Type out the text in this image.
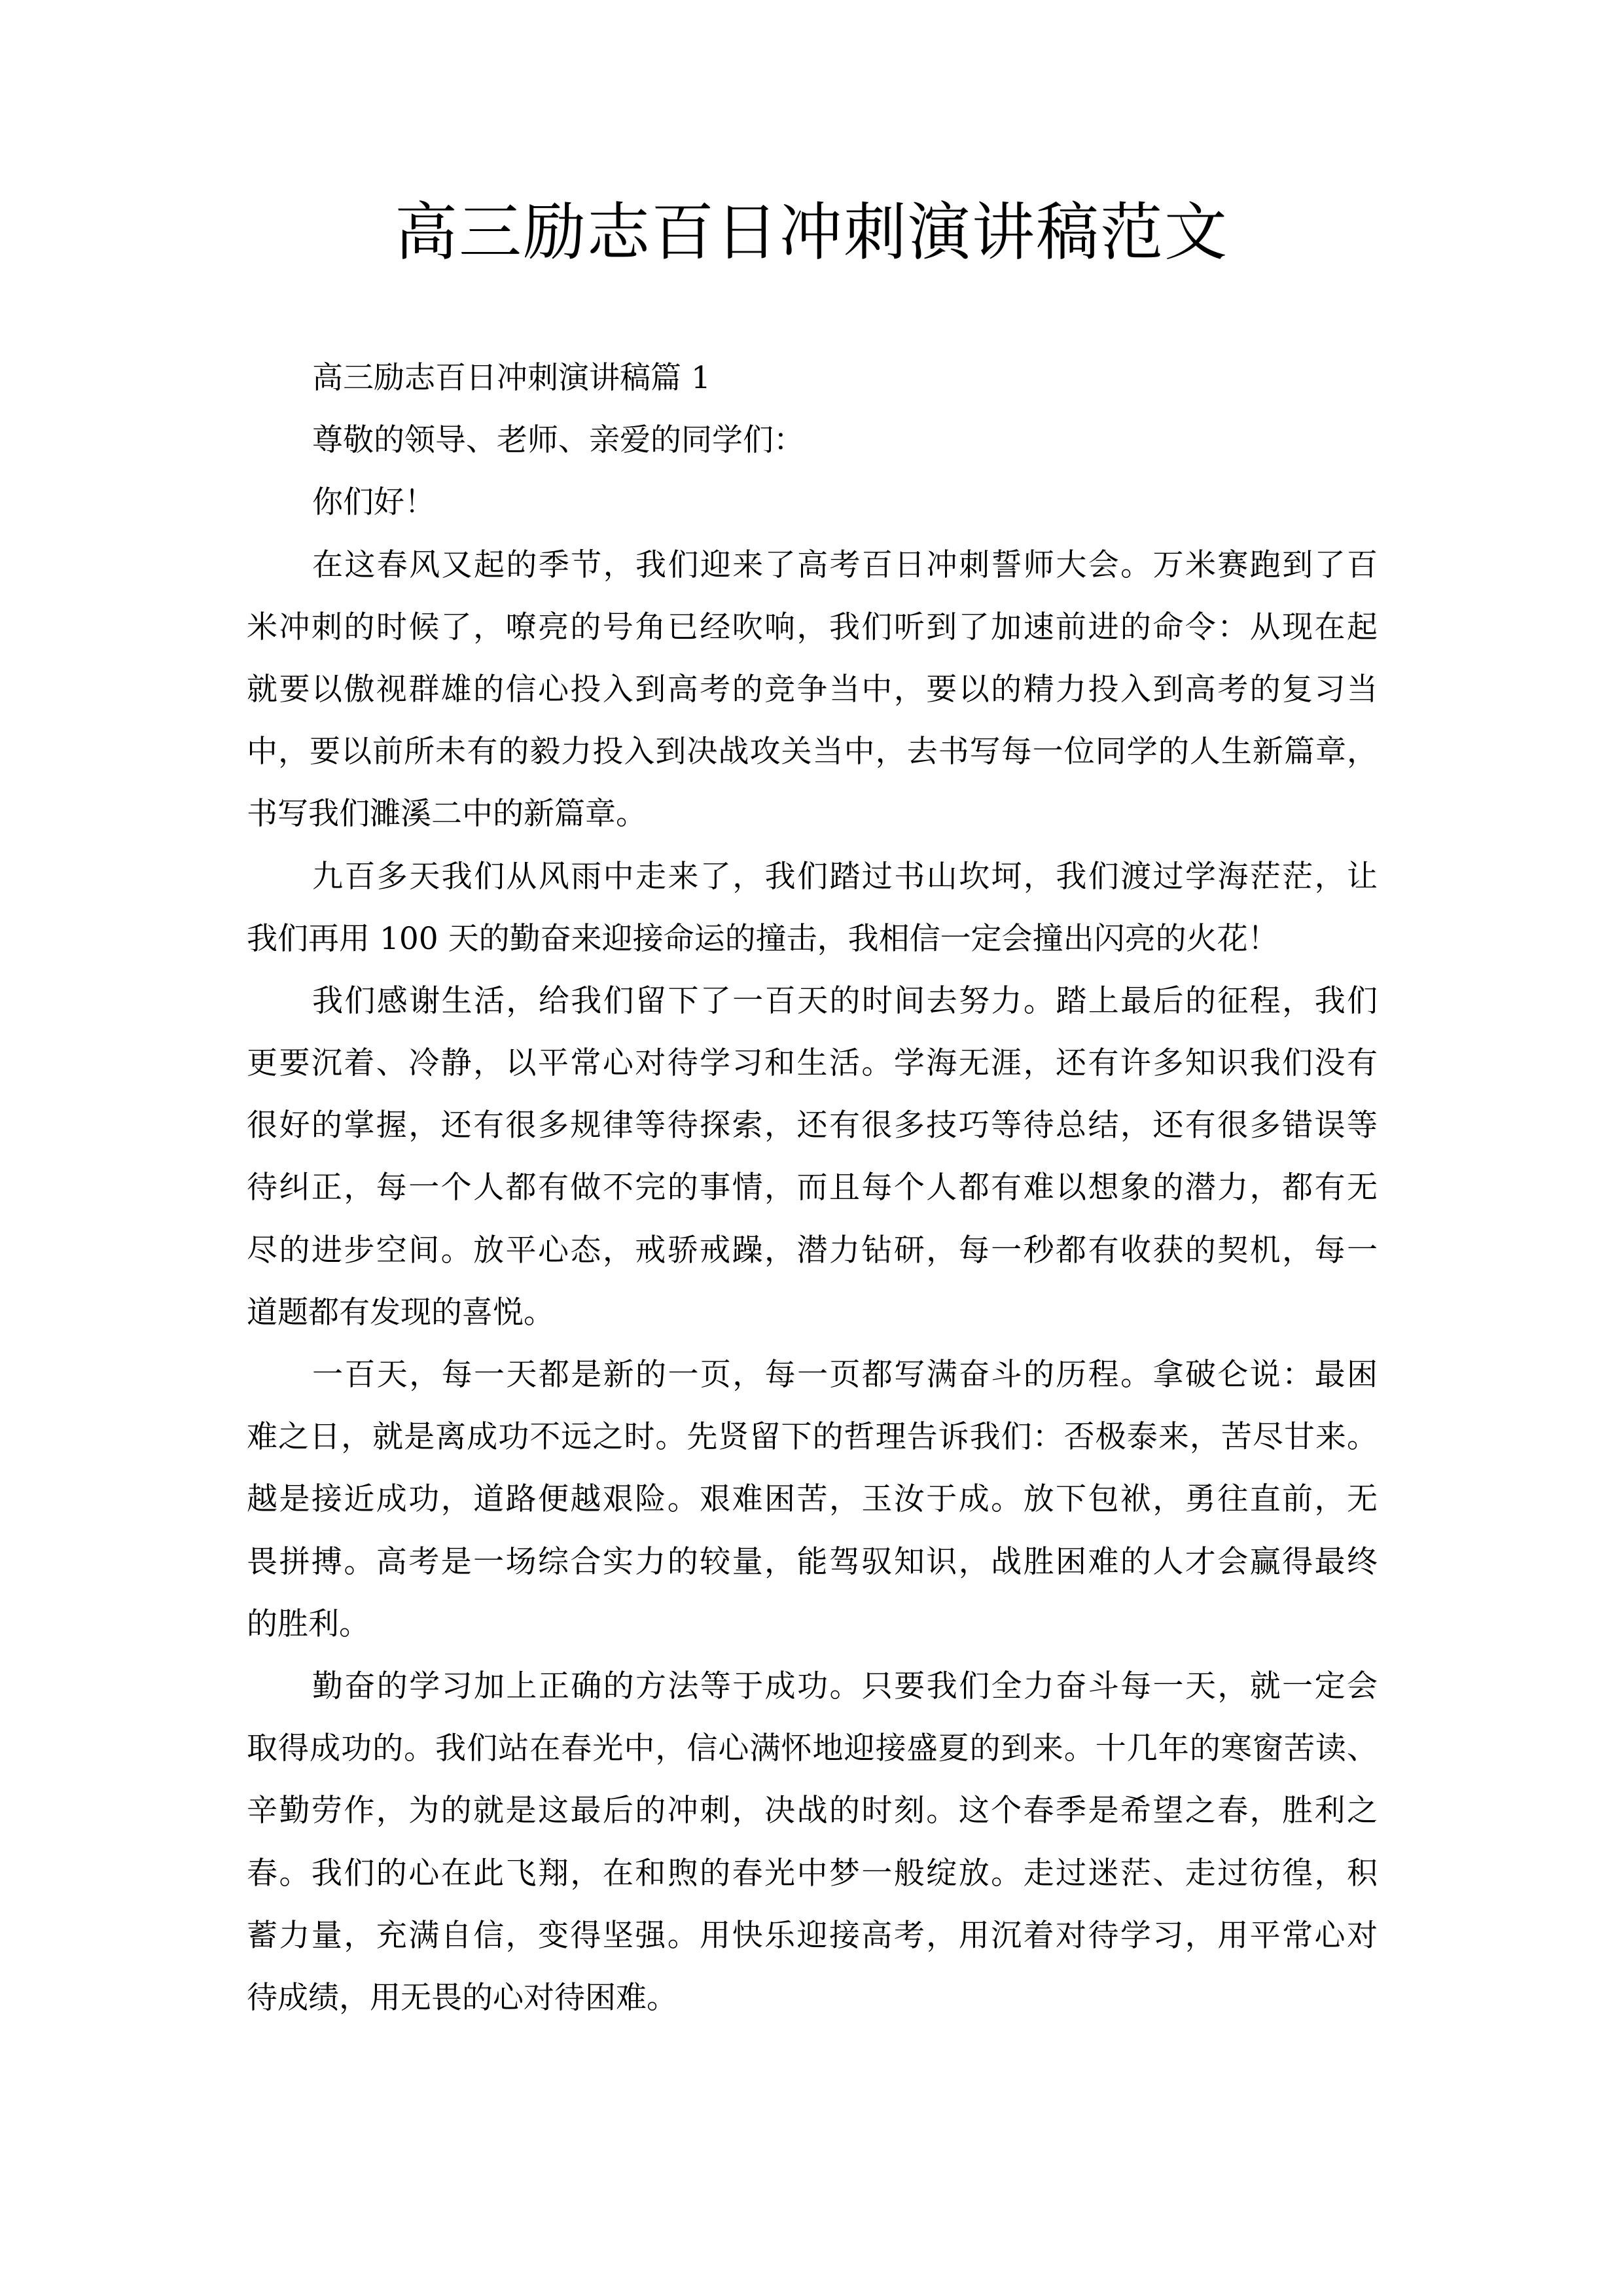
高三励志百日冲刺演讲稿范文
高三励志百日冲刺演讲稿篇 1
尊敬的领导、老师、亲爱的同学们：
你们好！
在这春风又起的季节，我们迎来了高考百日冲刺誓师大会。万米赛跑到了百
米冲刺的时候了，嘹亮的号角已经吹响，我们听到了加速前进的命令：从现在起
就要以傲视群雄的信心投入到高考的竞争当中，要以的精力投入到高考的复习当
中，要以前所未有的毅力投入到决战攻关当中，去书写每一位同学的人生新篇章，
书写我们濉溪二中的新篇章。
九百多天我们从风雨中走来了，我们踏过书山坎坷，我们渡过学海茫茫，让
我们再用 100 天的勤奋来迎接命运的撞击，我相信一定会撞出闪亮的火花！
我们感谢生活，给我们留下了一百天的时间去努力。踏上最后的征程，我们
更要沉着、冷静，以平常心对待学习和生活。学海无涯，还有许多知识我们没有
很好的掌握，还有很多规律等待探索，还有很多技巧等待总结，还有很多错误等
待纠正，每一个人都有做不完的事情，而且每个人都有难以想象的潜力，都有无
尽的进步空间。放平心态，戒骄戒躁，潜力钻研，每一秒都有收获的契机，每一
道题都有发现的喜悦。
一百天，每一天都是新的一页，每一页都写满奋斗的历程。拿破仑说：最困
难之日，就是离成功不远之时。先贤留下的哲理告诉我们：否极泰来，苦尽甘来。
越是接近成功，道路便越艰险。艰难困苦，玉汝于成。放下包袱，勇往直前，无
畏拼搏。高考是一场综合实力的较量，能驾驭知识，战胜困难的人才会赢得最终
的胜利。
勤奋的学习加上正确的方法等于成功。只要我们全力奋斗每一天，就一定会
取得成功的。我们站在春光中，信心满怀地迎接盛夏的到来。十几年的寒窗苦读、
辛勤劳作，为的就是这最后的冲刺，决战的时刻。这个春季是希望之春，胜利之
春。我们的心在此飞翔，在和煦的春光中梦一般绽放。走过迷茫、走过彷徨，积
蓄力量，充满自信，变得坚强。用快乐迎接高考，用沉着对待学习，用平常心对
待成绩，用无畏的心对待困难。
